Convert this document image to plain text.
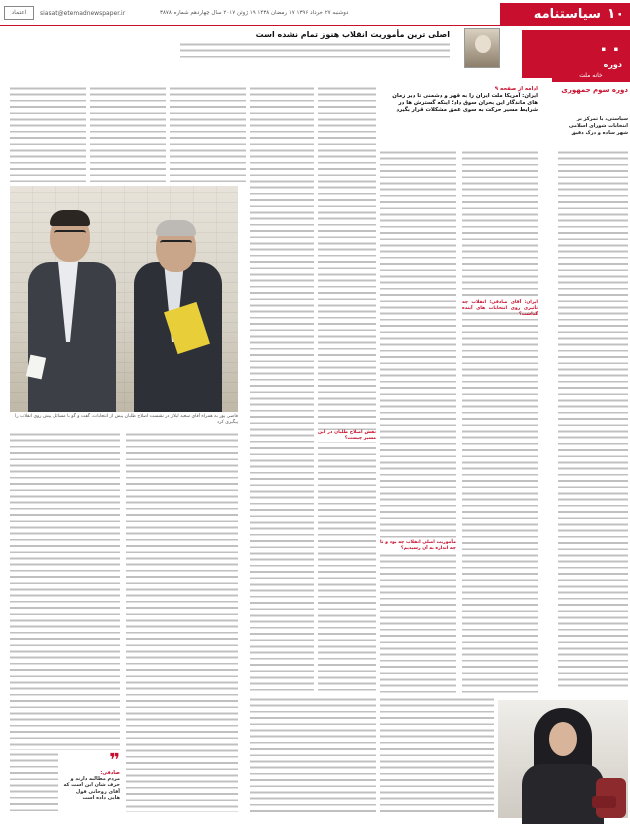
۱۰
سیاستنامه
siasat@etemadnewspaper.ir	دوشنبه ۲۷ خرداد ۱۳۹۶ ۱۷ رمضان ۱۴۳۸ ۱۹ ژوئن ۲۰۱۷ سال چهاردهم شماره ۳۸۷۸
اعتماد
اصلی ترین مأموریت انقلاب هنوز تمام نشده است
۰۰
دوره
خانه ملت
دوره سوم جمهوری
سیاستی، با تمرکز بر انتخابات شورای اسلامی شهر ساده و درک دقیق
ادامه از صفحه ۹
ایران: آمریکا ملت ایران را به قهر و دشمنی تا دیر زمان های ماندگار این بحران سوق داد؛ اینکه گسترش ها در شرایط مسیر حرکت به سوی عمق مشکلات قرار بگیرد
ایران: آقای صادقی؛ انقلاب چه تأثیری روی انتخابات های آینده گذاشت؟
مأموریت اصلی انقلاب چه بود و تا چه اندازه به آن رسیدیم؟
نقش اصلاح طلبان در این مسیر چیست؟
قاضی پور به همراه آقای سعید لیلاز در نشست اصلاح طلبان پیش از انتخابات، گفت و گو با مسائل پیش روی انقلاب را پیگیری کرد
❞
صادقی:
مردم مطالبه دارند و حرف شان این است که آقای روحانی قول هایی داده است
